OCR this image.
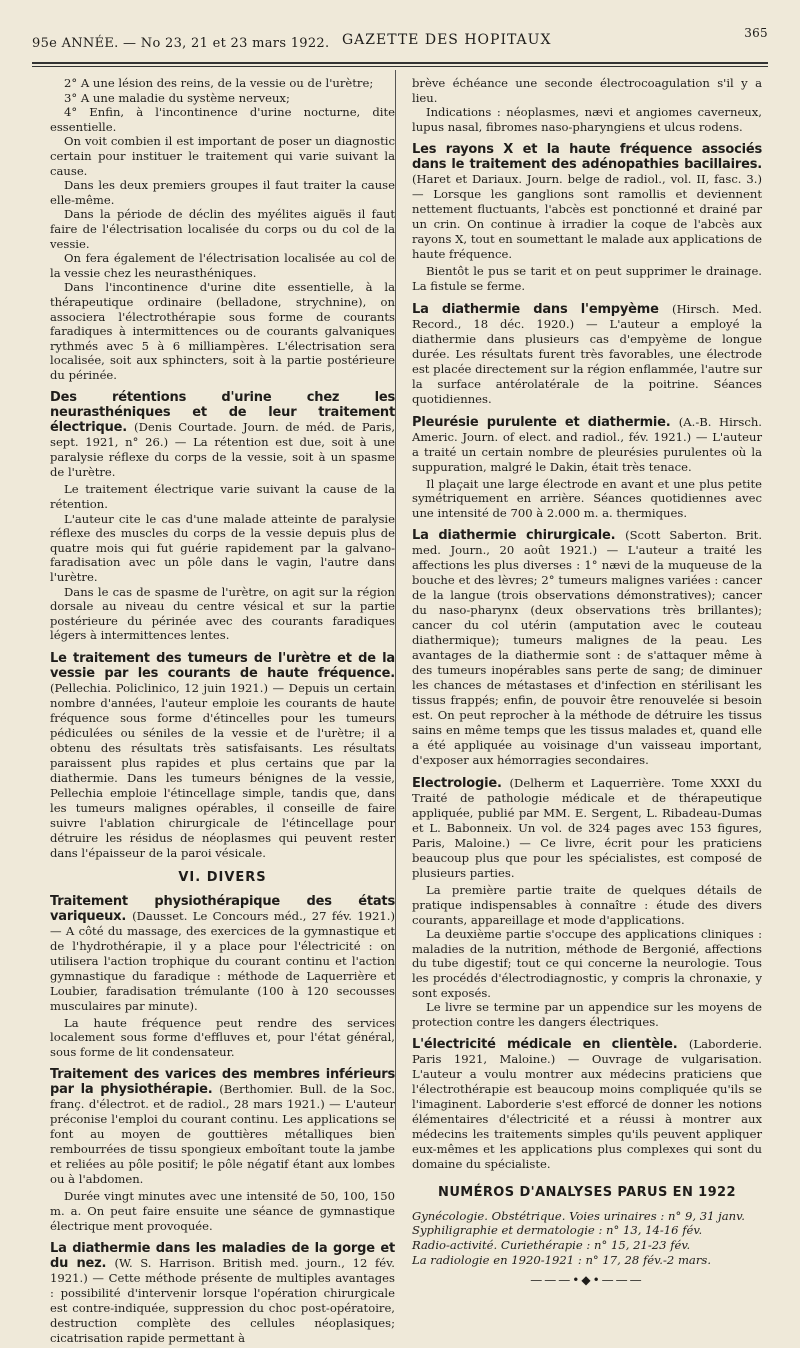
95e ANNÉE. — No 23, 21 et 23 mars 1922. GAZETTE DES HOPITAUX	365

2° A une lésion des reins, de la vessie ou de l'urètre;

3° A une maladie du système nerveux;

4° Enfin, à l'incontinence d'urine nocturne, dite essentielle.

On voit combien il est important de poser un diagnostic certain pour instituer le traitement qui varie suivant la cause.

Dans les deux premiers groupes il faut traiter la cause elle-même.

Dans la période de déclin des myélites aiguës il faut faire de l'électrisation localisée du corps ou du col de la vessie.

On fera également de l'électrisation localisée au col de la vessie chez les neurasthéniques.

Dans l'incontinence d'urine dite essentielle, à la thérapeutique ordinaire (belladone, strychnine), on associera l'électrothérapie sous forme de courants faradiques à intermittences ou de courants galvaniques rythmés avec 5 à 6 milliampères. L'électrisation sera localisée, soit aux sphincters, soit à la partie postérieure du périnée.

Des rétentions d'urine chez les neurasthéniques et de leur traitement électrique. (Denis Courtade. Journ. de méd. de Paris, sept. 1921, n° 26.) — La rétention est due, soit à une paralysie réflexe du corps de la vessie, soit à un spasme de l'urètre.

Le traitement électrique varie suivant la cause de la rétention.

L'auteur cite le cas d'une malade atteinte de paralysie réflexe des muscles du corps de la vessie depuis plus de quatre mois qui fut guérie rapidement par la galvano-faradisation avec un pôle dans le vagin, l'autre dans l'urètre.

Dans le cas de spasme de l'urètre, on agit sur la région dorsale au niveau du centre vésical et sur la partie postérieure du périnée avec des courants faradiques légers à intermittences lentes.

Le traitement des tumeurs de l'urètre et de la vessie par les courants de haute fréquence. (Pellechia. Policlinico, 12 juin 1921.) — Depuis un certain nombre d'années, l'auteur emploie les courants de haute fréquence sous forme d'étincelles pour les tumeurs pédiculées ou séniles de la vessie et de l'urètre; il a obtenu des résultats très satisfaisants. Les résultats paraissent plus rapides et plus certains que par la diathermie. Dans les tumeurs bénignes de la vessie, Pellechia emploie l'étincellage simple, tandis que, dans les tumeurs malignes opérables, il conseille de faire suivre l'ablation chirurgicale de l'étincellage pour détruire les résidus de néoplasmes qui peuvent rester dans l'épaisseur de la paroi vésicale.
VI. DIVERS
Traitement physiothérapique des états variqueux. (Dausset. Le Concours méd., 27 fév. 1921.) — A côté du massage, des exercices de la gymnastique et de l'hydrothérapie, il y a place pour l'électricité : on utilisera l'action trophique du courant continu et l'action gymnastique du faradique : méthode de Laquerrière et Loubier, faradisation trémulante (100 à 120 secousses musculaires par minute).

La haute fréquence peut rendre des services localement sous forme d'effluves et, pour l'état général, sous forme de lit condensateur.

Traitement des varices des membres inférieurs par la physiothérapie. (Berthomier. Bull. de la Soc. franç. d'électrot. et de radiol., 28 mars 1921.) — L'auteur préconise l'emploi du courant continu. Les applications se font au moyen de gouttières métalliques bien rembourrées de tissu spongieux emboîtant toute la jambe et reliées au pôle positif; le pôle négatif étant aux lombes ou à l'abdomen.

Durée vingt minutes avec une intensité de 50, 100, 150 m. a. On peut faire ensuite une séance de gymnastique électrique ment provoquée.

La diathermie dans les maladies de la gorge et du nez. (W. S. Harrison. British med. journ., 12 fév. 1921.) — Cette méthode présente de multiples avantages : possibilité d'intervenir lorsque l'opération chirurgicale est contre-indiquée, suppression du choc post-opératoire, destruction complète des cellules néoplasiques; cicatrisation rapide permettant à

brève échéance une seconde électrocoagulation s'il y a lieu.

Indications : néoplasmes, nævi et angiomes caverneux, lupus nasal, fibromes naso-pharyngiens et ulcus rodens.

Les rayons X et la haute fréquence associés dans le traitement des adénopathies bacillaires. (Haret et Dariaux. Journ. belge de radiol., vol. II, fasc. 3.) — Lorsque les ganglions sont ramollis et deviennent nettement fluctuants, l'abcès est ponctionné et drainé par un crin. On continue à irradier la coque de l'abcès aux rayons X, tout en soumettant le malade aux applications de haute fréquence.

Bientôt le pus se tarit et on peut supprimer le drainage. La fistule se ferme.

La diathermie dans l'empyème (Hirsch. Med. Record., 18 déc. 1920.) — L'auteur a employé la diathermie dans plusieurs cas d'empyème de longue durée. Les résultats furent très favorables, une électrode est placée directement sur la région enflammée, l'autre sur la surface antérolatérale de la poitrine. Séances quotidiennes.
Pleurésie purulente et diathermie. (A.-B. Hirsch. Americ. Journ. of elect. and radiol., fév. 1921.) — L'auteur a traité un certain nombre de pleurésies purulentes où la suppuration, malgré le Dakin, était très tenace.

Il plaçait une large électrode en avant et une plus petite symétriquement en arrière. Séances quotidiennes avec une intensité de 700 à 2.000 m. a. thermiques.

La diathermie chirurgicale. (Scott Saberton. Brit. med. Journ., 20 août 1921.) — L'auteur a traité les affections les plus diverses : 1° nævi de la muqueuse de la bouche et des lèvres; 2° tumeurs malignes variées : cancer de la langue (trois observations démonstratives); cancer du naso-pharynx (deux observations très brillantes); cancer du col utérin (amputation avec le couteau diathermique); tumeurs malignes de la peau. Les avantages de la diathermie sont : de s'attaquer même à des tumeurs inopérables sans perte de sang; de diminuer les chances de métastases et d'infection en stérilisant les tissus frappés; enfin, de pouvoir être renouvelée si besoin est. On peut reprocher à la méthode de détruire les tissus sains en même temps que les tissus malades et, quand elle a été appliquée au voisinage d'un vaisseau important, d'exposer aux hémorragies secondaires.
Electrologie. (Delherm et Laquerrière. Tome XXXI du Traité de pathologie médicale et de thérapeutique appliquée, publié par MM. E. Sergent, L. Ribadeau-Dumas et L. Babonneix. Un vol. de 324 pages avec 153 figures, Paris, Maloine.) — Ce livre, écrit pour les praticiens beaucoup plus que pour les spécialistes, est composé de plusieurs parties.

La première partie traite de quelques détails de pratique indispensables à connaître : étude des divers courants, appareillage et mode d'applications.

La deuxième partie s'occupe des applications cliniques : maladies de la nutrition, méthode de Bergonié, affections du tube digestif; tout ce qui concerne la neurologie. Tous les procédés d'électrodiagnostic, y compris la chronaxie, y sont exposés.

Le livre se termine par un appendice sur les moyens de protection contre les dangers électriques.

L'électricité médicale en clientèle. (Laborderie. Paris 1921, Maloine.) — Ouvrage de vulgarisation. L'auteur a voulu montrer aux médecins praticiens que l'électrothérapie est beaucoup moins compliquée qu'ils se l'imaginent. Laborderie s'est efforcé de donner les notions élémentaires d'électricité et a réussi à montrer aux médecins les traitements simples qu'ils peuvent appliquer eux-mêmes et les applications plus complexes qui sont du domaine du spécialiste.
NUMÉROS D'ANALYSES PARUS EN 1922

Gynécologie. Obstétrique. Voies urinaires : n° 9, 31 janv.

Syphiligraphie et dermatologie : n° 13, 14-16 fév.

Radio-activité. Curiethérapie : n° 15, 21-23 fév.

La radiologie en 1920-1921 : n° 17, 28 fév.-2 mars.

———•◆•———
